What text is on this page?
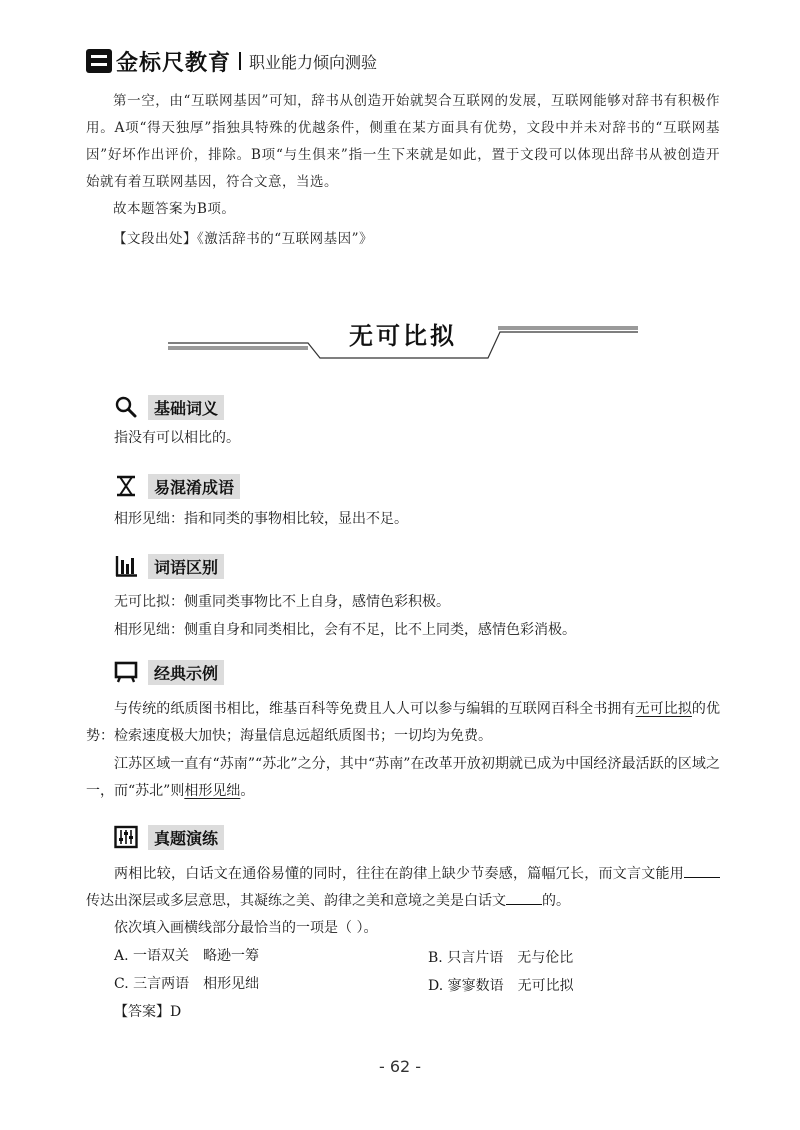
金标尺教育 职业能力倾向测验

第一空，由“互联网基因”可知，辞书从创造开始就契合互联网的发展，互联网能够对辞书有积极作用。A项“得天独厚”指独具特殊的优越条件，侧重在某方面具有优势，文段中并未对辞书的“互联网基因”好坏作出评价，排除。B项“与生俱来”指一生下来就是如此，置于文段可以体现出辞书从被创造开始就有着互联网基因，符合文意，当选。

故本题答案为B项。

【文段出处】《激活辞书的“互联网基因”》

无可比拟
基础词义
指没有可以相比的。
易混淆成语
相形见绌：指和同类的事物相比较，显出不足。
词语区别
无可比拟：侧重同类事物比不上自身，感情色彩积极。
相形见绌：侧重自身和同类相比，会有不足，比不上同类，感情色彩消极。
经典示例

与传统的纸质图书相比，维基百科等免费且人人可以参与编辑的互联网百科全书拥有无可比拟的优势：检索速度极大加快；海量信息远超纸质图书；一切均为免费。

江苏区域一直有“苏南”“苏北”之分，其中“苏南”在改革开放初期就已成为中国经济最活跃的区域之一，而“苏北”则相形见绌。

真题演练

两相比较，白话文在通俗易懂的同时，往往在韵律上缺少节奏感，篇幅冗长，而文言文能用传达出深层或多层意思，其凝练之美、韵律之美和意境之美是白话文	的。

依次填入画横线部分最恰当的一项是（ ）。
A. 一语双关　略逊一筹	B. 只言片语　无与伦比
C. 三言两语　相形见绌	D. 寥寥数语　无可比拟
【答案】D
- 62 -
